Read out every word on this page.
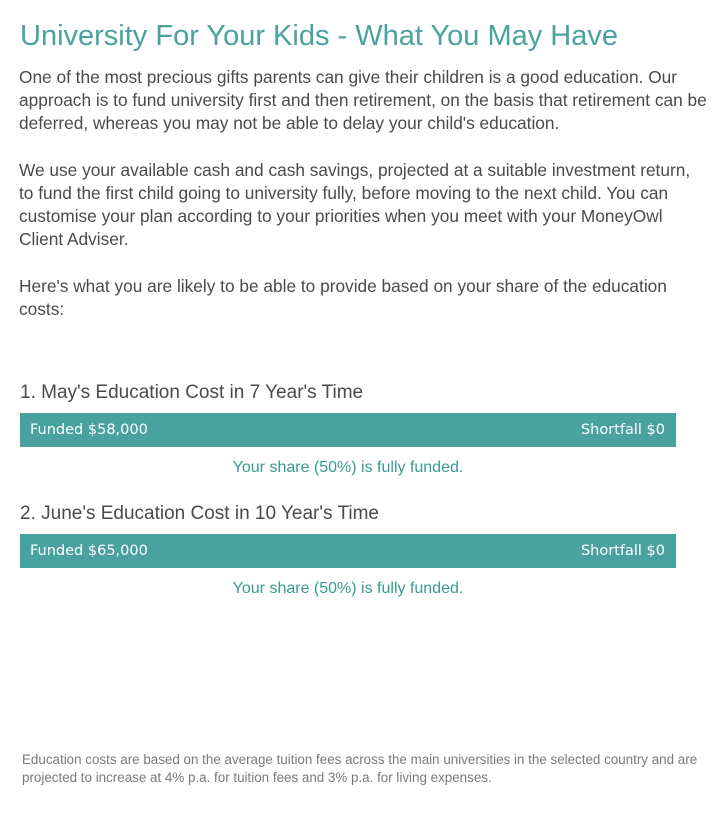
University For Your Kids - What You May Have

One of the most precious gifts parents can give their children is a good education. Our approach is to fund university first and then retirement, on the basis that retirement can be deferred, whereas you may not be able to delay your child's education.

We use your available cash and cash savings, projected at a suitable investment return, to fund the first child going to university fully, before moving to the next child. You can customise your plan according to your priorities when you meet with your MoneyOwl Client Adviser.

Here's what you are likely to be able to provide based on your share of the education costs:

1. May's Education Cost in 7 Year's Time
Funded $58,000	Shortfall $0
Your share (50%) is fully funded.
2. June's Education Cost in 10 Year's Time
Funded $65,000	Shortfall $0
Your share (50%) is fully funded.

Education costs are based on the average tuition fees across the main universities in the selected country and are projected to increase at 4% p.a. for tuition fees and 3% p.a. for living expenses.
